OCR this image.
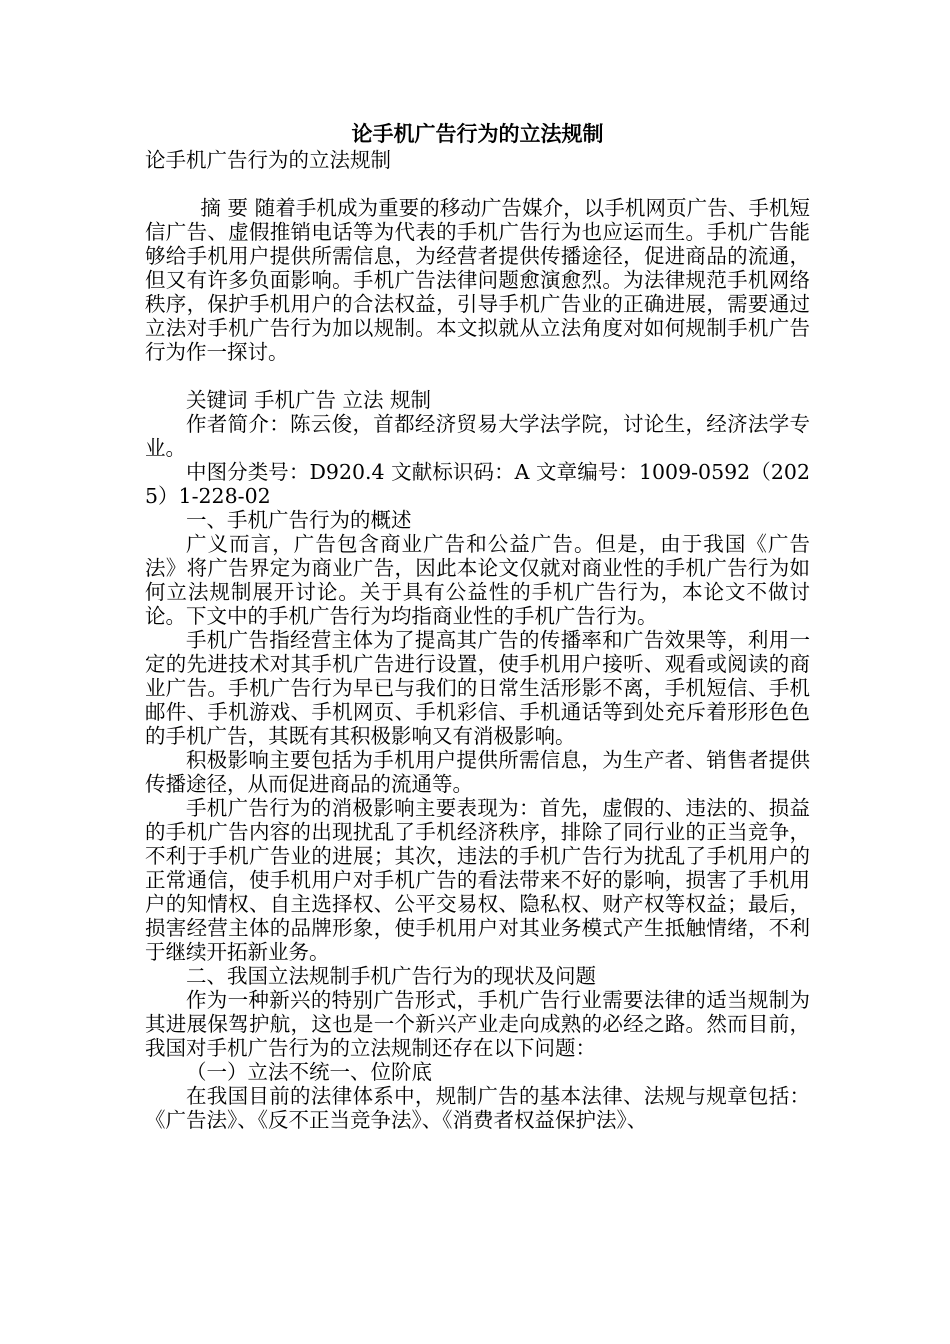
论手机广告行为的立法规制
论手机广告行为的立法规制

摘 要 随着手机成为重要的移动广告媒介，以手机网页广告、手机短信广告、虚假推销电话等为代表的手机广告行为也应运而生。手机广告能够给手机用户提供所需信息，为经营者提供传播途径，促进商品的流通，但又有许多负面影响。手机广告法律问题愈演愈烈。为法律规范手机网络秩序，保护手机用户的合法权益，引导手机广告业的正确进展，需要通过立法对手机广告行为加以规制。本文拟就从立法角度对如何规制手机广告行为作一探讨。

关键词 手机广告 立法 规制

作者简介：陈云俊，首都经济贸易大学法学院，讨论生，经济法学专业。

中图分类号：D920.4 文献标识码：A 文章编号：1009-0592（2025）1-228-02

一、手机广告行为的概述

广义而言，广告包含商业广告和公益广告。但是，由于我国《广告法》将广告界定为商业广告，因此本论文仅就对商业性的手机广告行为如何立法规制展开讨论。关于具有公益性的手机广告行为，本论文不做讨论。下文中的手机广告行为均指商业性的手机广告行为。

手机广告指经营主体为了提高其广告的传播率和广告效果等，利用一定的先进技术对其手机广告进行设置，使手机用户接听、观看或阅读的商业广告。手机广告行为早已与我们的日常生活形影不离，手机短信、手机邮件、手机游戏、手机网页、手机彩信、手机通话等到处充斥着形形色色的手机广告，其既有其积极影响又有消极影响。

积极影响主要包括为手机用户提供所需信息，为生产者、销售者提供传播途径，从而促进商品的流通等。

手机广告行为的消极影响主要表现为：首先，虚假的、违法的、损益的手机广告内容的出现扰乱了手机经济秩序，排除了同行业的正当竞争，不利于手机广告业的进展；其次，违法的手机广告行为扰乱了手机用户的正常通信，使手机用户对手机广告的看法带来不好的影响，损害了手机用户的知情权、自主选择权、公平交易权、隐私权、财产权等权益；最后，损害经营主体的品牌形象，使手机用户对其业务模式产生抵触情绪，不利于继续开拓新业务。

二、我国立法规制手机广告行为的现状及问题

作为一种新兴的特别广告形式，手机广告行业需要法律的适当规制为其进展保驾护航，这也是一个新兴产业走向成熟的必经之路。然而目前，我国对手机广告行为的立法规制还存在以下问题：

（一）立法不统一、位阶底

在我国目前的法律体系中，规制广告的基本法律、法规与规章包括：《广告法》、《反不正当竞争法》、《消费者权益保护法》、
